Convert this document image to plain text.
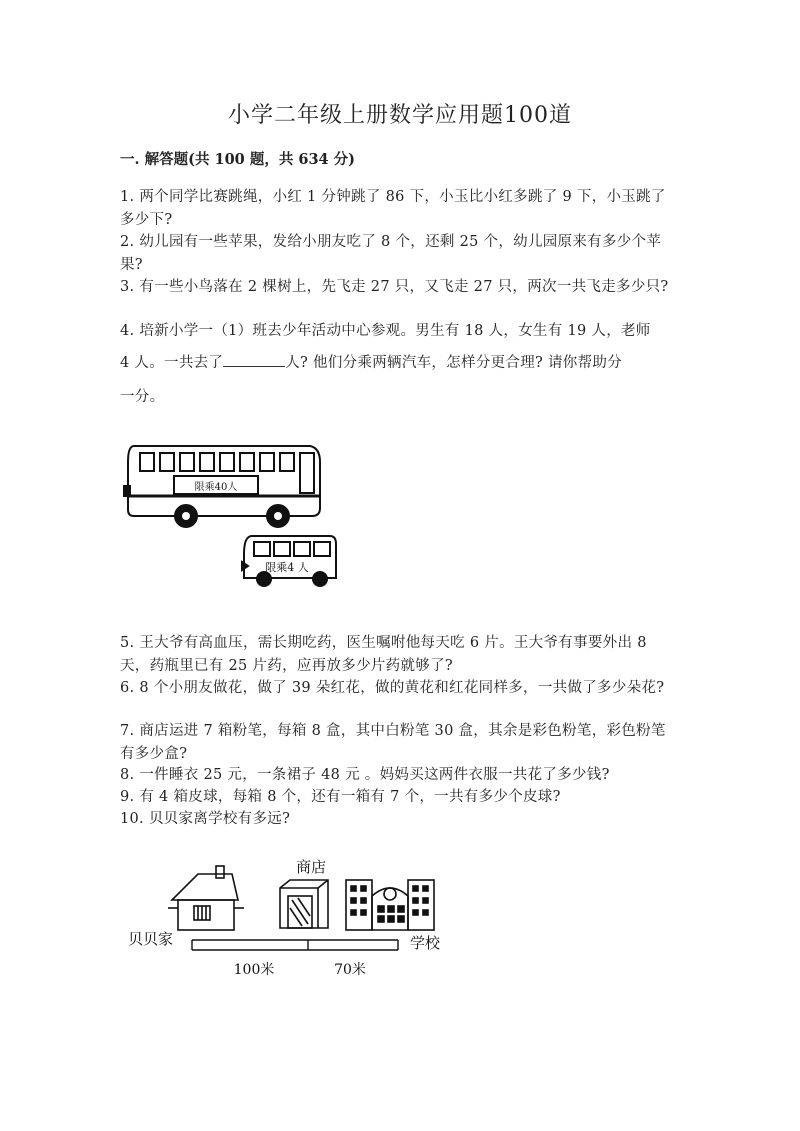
小学二年级上册数学应用题100道
一. 解答题(共 100 题，共 634 分)
1. 两个同学比赛跳绳，小红 1 分钟跳了 86 下，小玉比小红多跳了 9 下，小玉跳了多少下?
2. 幼儿园有一些苹果，发给小朋友吃了 8 个，还剩 25 个，幼儿园原来有多少个苹果?
3. 有一些小鸟落在 2 棵树上，先飞走 27 只，又飞走 27 只，两次一共飞走多少只?
4. 培新小学一（1）班去少年活动中心参观。男生有 18 人，女生有 19 人，老师
4 人。一共去了	人? 他们分乘两辆汽车，怎样分更合理? 请你帮助分
一分。
限乘40人
限乘4 人
5. 王大爷有高血压，需长期吃药，医生嘱咐他每天吃 6 片。王大爷有事要外出 8 天，药瓶里已有 25 片药，应再放多少片药就够了?
6. 8 个小朋友做花，做了 39 朵红花，做的黄花和红花同样多，一共做了多少朵花?
7. 商店运进 7 箱粉笔，每箱 8 盒，其中白粉笔 30 盒，其余是彩色粉笔，彩色粉笔有多少盒?
8. 一件睡衣 25 元，一条裙子 48 元 。妈妈买这两件衣服一共花了多少钱?
9. 有 4 箱皮球，每箱 8 个，还有一箱有 7 个，一共有多少个皮球?
10. 贝贝家离学校有多远?
贝贝家
商店
学校
100米	70米
